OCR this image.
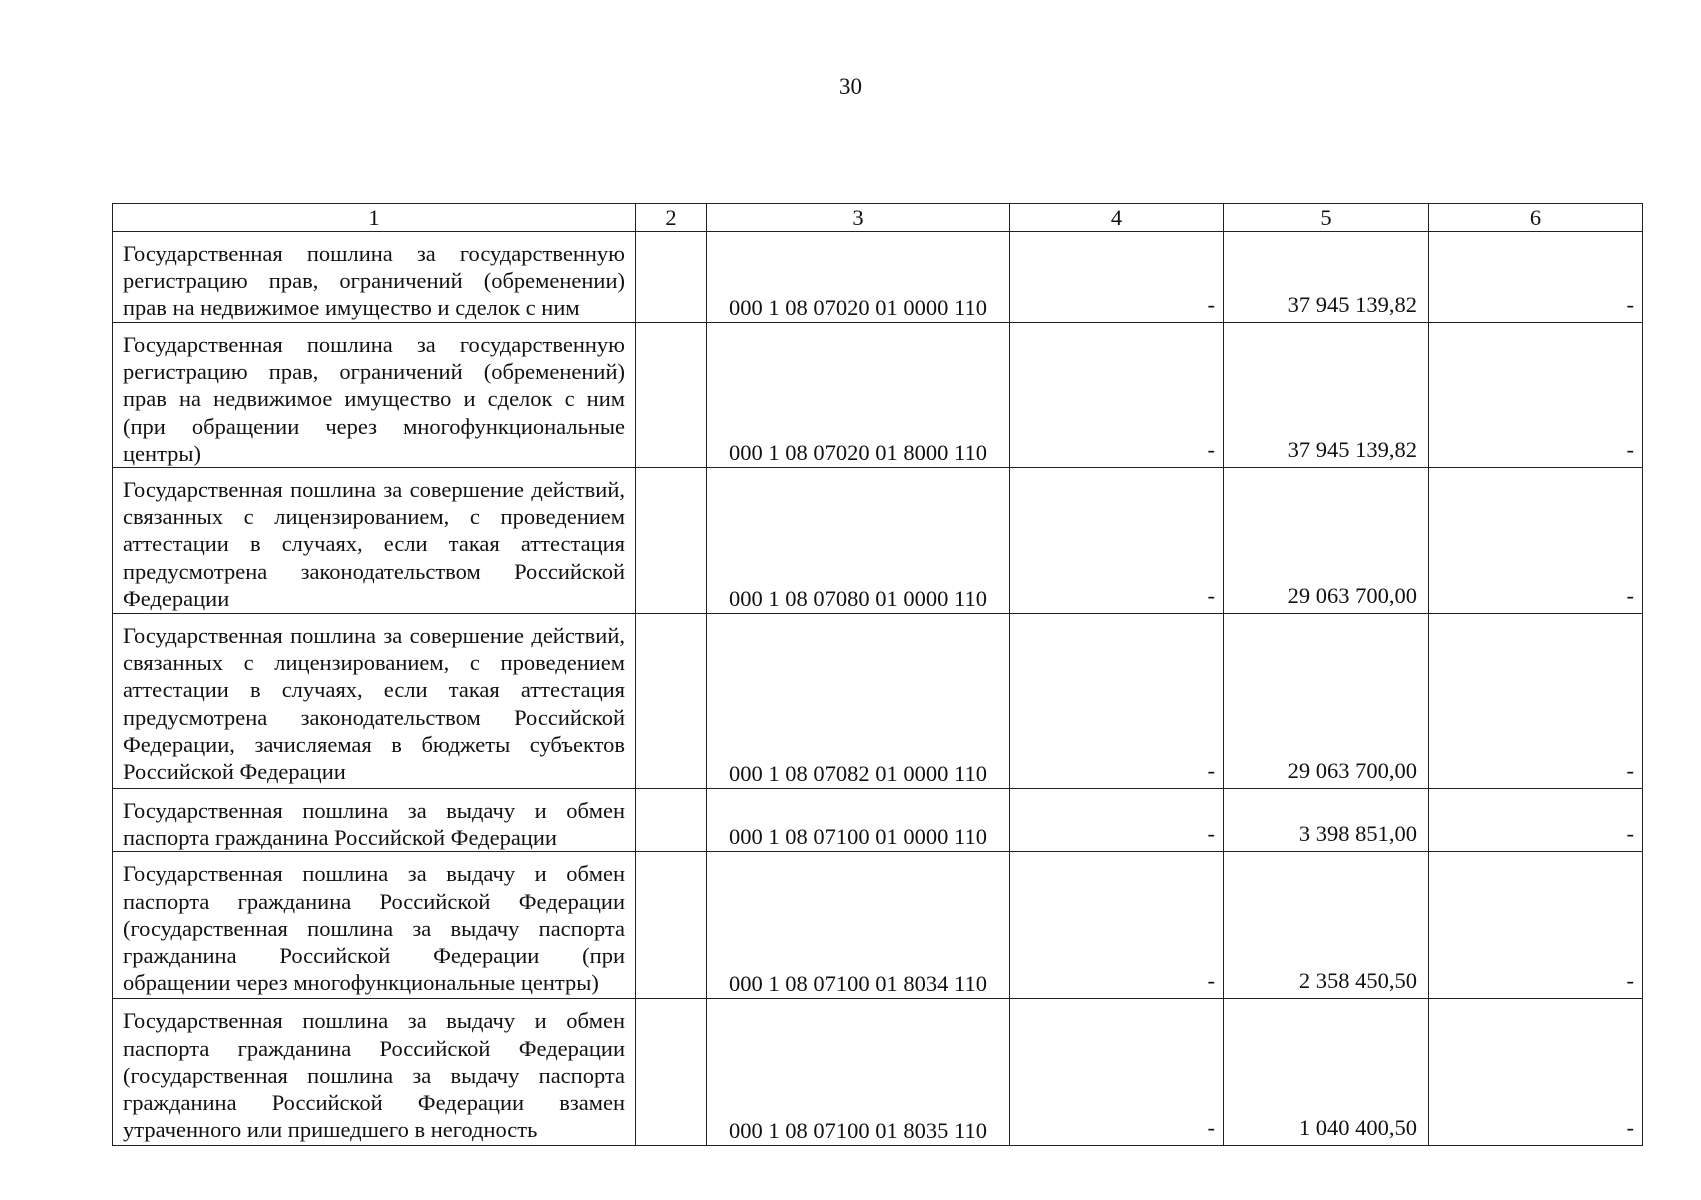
30
1	2	3	4	5	6
Государственная пошлина за государственную регистрацию прав, ограничений (обременении) прав на недвижимое имущество и сделок с ним		000 1 08 07020 01 0000 110	-	37 945 139,82	-
Государственная пошлина за государственную регистрацию прав, ограничений (обременений) прав на недвижимое имущество и сделок с ним (при обращении через многофункциональные центры)		000 1 08 07020 01 8000 110	-	37 945 139,82	-
Государственная пошлина за совершение действий, связанных с лицензированием, с проведением аттестации в случаях, если такая аттестация предусмотрена законодательством Российской Федерации		000 1 08 07080 01 0000 110	-	29 063 700,00	-
Государственная пошлина за совершение действий, связанных с лицензированием, с проведением аттестации в случаях, если такая аттестация предусмотрена законодательством Российской Федерации, зачисляемая в бюджеты субъектов Российской Федерации		000 1 08 07082 01 0000 110	-	29 063 700,00	-
Государственная пошлина за выдачу и обмен паспорта гражданина Российской Федерации		000 1 08 07100 01 0000 110	-	3 398 851,00	-
Государственная пошлина за выдачу и обмен паспорта гражданина Российской Федерации (государственная пошлина за выдачу паспорта гражданина Российской Федерации (при обращении через многофункциональные центры)		000 1 08 07100 01 8034 110	-	2 358 450,50	-
Государственная пошлина за выдачу и обмен паспорта гражданина Российской Федерации (государственная пошлина за выдачу паспорта гражданина Российской Федерации взамен утраченного или пришедшего в негодность		000 1 08 07100 01 8035 110	-	1 040 400,50	-
